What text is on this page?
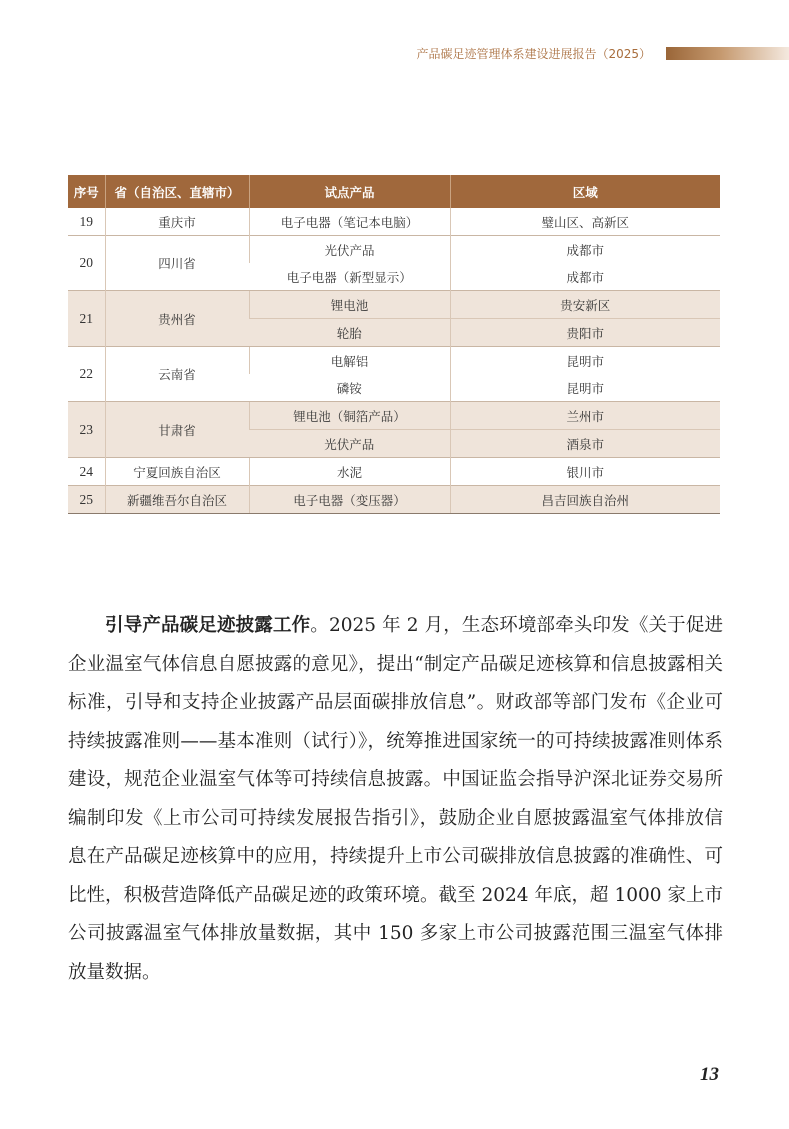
产品碳足迹管理体系建设进展报告（2025）
序号	省（自治区、直辖市）	试点产品	区域
19	重庆市	电子电器（笔记本电脑）	璧山区、高新区
20	四川省	光伏产品	成都市
		电子电器（新型显示）	成都市
21	贵州省	锂电池	贵安新区
		轮胎	贵阳市
22	云南省	电解铝	昆明市
		磷铵	昆明市
23	甘肃省	锂电池（铜箔产品）	兰州市
		光伏产品	酒泉市
24	宁夏回族自治区	水泥	银川市
25	新疆维吾尔自治区	电子电器（变压器）	昌吉回族自治州

引导产品碳足迹披露工作。2025 年 2 月，生态环境部牵头印发《关于促进企业温室气体信息自愿披露的意见》，提出“制定产品碳足迹核算和信息披露相关标准，引导和支持企业披露产品层面碳排放信息”。财政部等部门发布《企业可持续披露准则——基本准则（试行）》，统筹推进国家统一的可持续披露准则体系建设，规范企业温室气体等可持续信息披露。中国证监会指导沪深北证券交易所编制印发《上市公司可持续发展报告指引》，鼓励企业自愿披露温室气体排放信息在产品碳足迹核算中的应用，持续提升上市公司碳排放信息披露的准确性、可比性，积极营造降低产品碳足迹的政策环境。截至 2024 年底，超 1000 家上市公司披露温室气体排放量数据，其中 150 多家上市公司披露范围三温室气体排放量数据。

13
